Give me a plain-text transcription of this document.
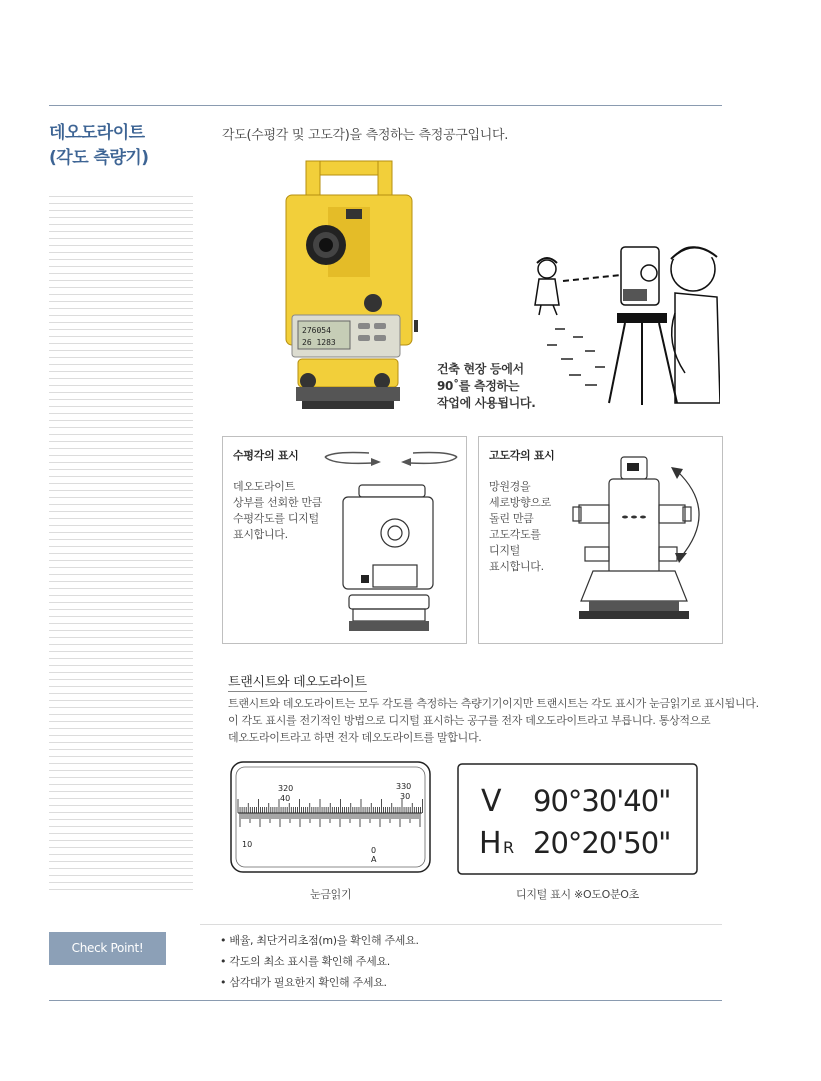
데오도라이트
(각도 측량기)
각도(수평각 및 고도각)을 측정하는 측정공구입니다.
276054
26 1283
건축 현장 등에서
90˚를 측정하는
작업에 사용됩니다.
수평각의 표시
데오도라이트
상부를 선회한 만큼
수평각도를 디지털
표시합니다.
고도각의 표시
망원경을
세로방향으로
돌린 만큼
고도각도를
디지털
표시합니다.
트랜시트와 데오도라이트
트랜시트와 데오도라이트는 모두 각도를 측정하는 측량기기이지만 트랜시트는 각도 표시가 눈금읽기로 표시됩니다.
이 각도 표시를 전기적인 방법으로 디지털 표시하는 공구를 전자 데오도라이트라고 부릅니다. 통상적으로
데오도라이트라고 하면 전자 데오도라이트를 말합니다.
320
40
330
30
10
0
A
눈금읽기
V 90°30'40"
H R 20°20'50"
디지털 표시 ※O도O분O초
Check Point!
• 배율, 최단거리초점(m)을 확인해 주세요.
• 각도의 최소 표시를 확인해 주세요.
• 삼각대가 필요한지 확인해 주세요.
